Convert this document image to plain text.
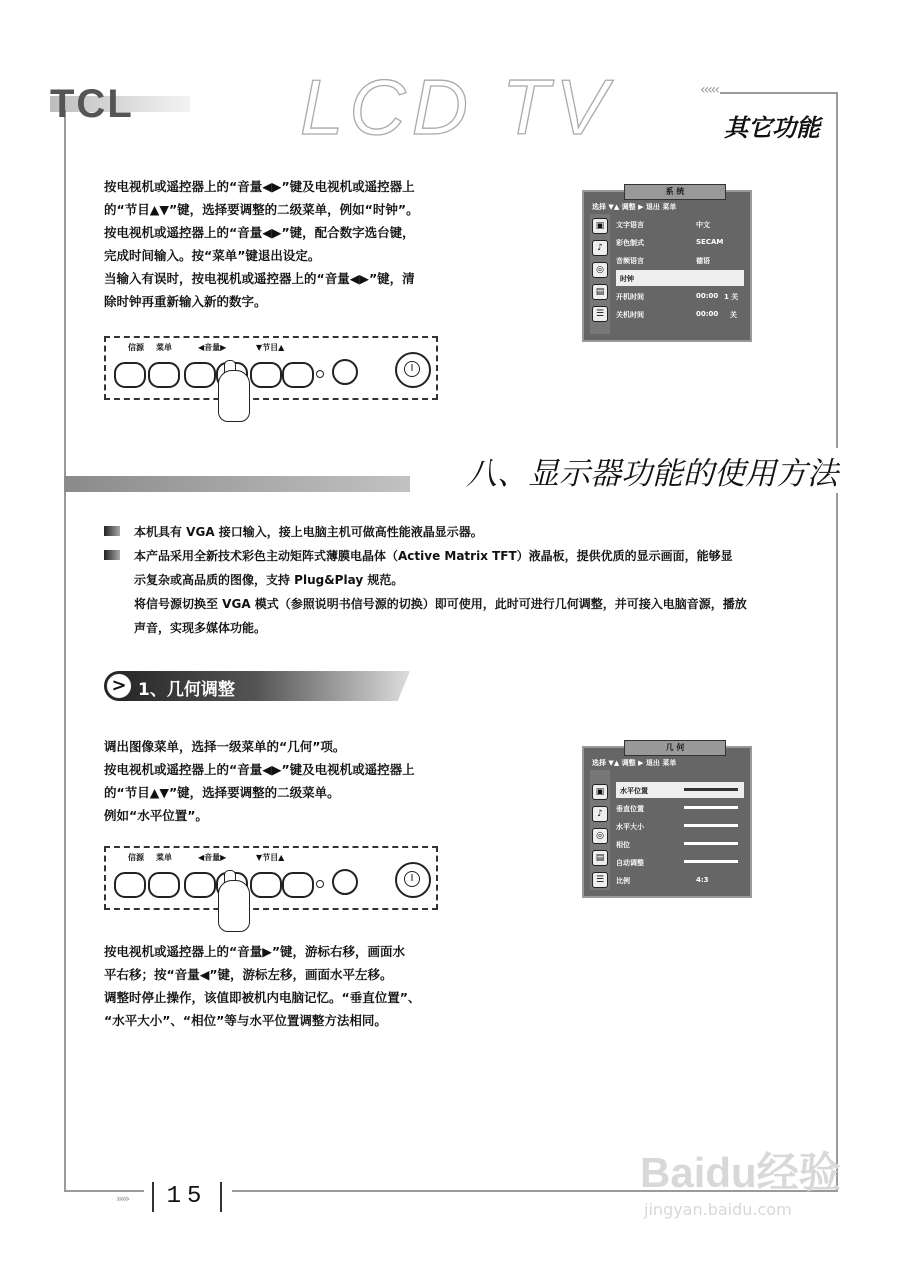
TCL LCD TV	‹‹‹‹‹
其它功能
按电视机或遥控器上的“音量◀▶”键及电视机或遥控器上
的“节目▲▼”键，选择要调整的二级菜单，例如“时钟”。
按电视机或遥控器上的“音量◀▶”键，配合数字选台键，
完成时间输入。按“菜单”键退出设定。
当输入有误时，按电视机或遥控器上的“音量◀▶”键，清
除时钟再重新输入新的数字。
信源 菜单	◀音量▶	▼节目▲
I
系 统
选择 ▼▲ 调整 ▶ 退出 菜单
▣
♪
◎
▤
☰
文字语言	中文
彩色制式	SECAM
音频语言	德语
时钟
开机时间	00:00 1 关
关机时间	00:00 关
八、显示器功能的使用方法
本机具有 VGA 接口输入，接上电脑主机可做高性能液晶显示器。
本产品采用全新技术彩色主动矩阵式薄膜电晶体（Active Matrix TFT）液晶板，提供优质的显示画面，能够显
示复杂或高品质的图像，支持 Plug&Play 规范。
将信号源切换至 VGA 模式（参照说明书信号源的切换）即可使用，此时可进行几何调整，并可接入电脑音源，播放
声音，实现多媒体功能。
> 1、几何调整
调出图像菜单，选择一级菜单的“几何”项。
按电视机或遥控器上的“音量◀▶”键及电视机或遥控器上
的“节目▲▼”键，选择要调整的二级菜单。
例如“水平位置”。
信源 菜单	◀音量▶	▼节目▲
I
几 何
选择 ▼▲ 调整 ▶ 退出 菜单
▣
♪
◎
▤
☰
水平位置
垂直位置
水平大小
相位
自动调整
比例	4:3
按电视机或遥控器上的“音量▶”键，游标右移，画面水
平右移；按“音量◀”键，游标左移，画面水平左移。
调整时停止操作，该值即被机内电脑记忆。“垂直位置”、
“水平大小”、“相位”等与水平位置调整方法相同。
›››››	15
Baidu经验
jingyan.baidu.com
